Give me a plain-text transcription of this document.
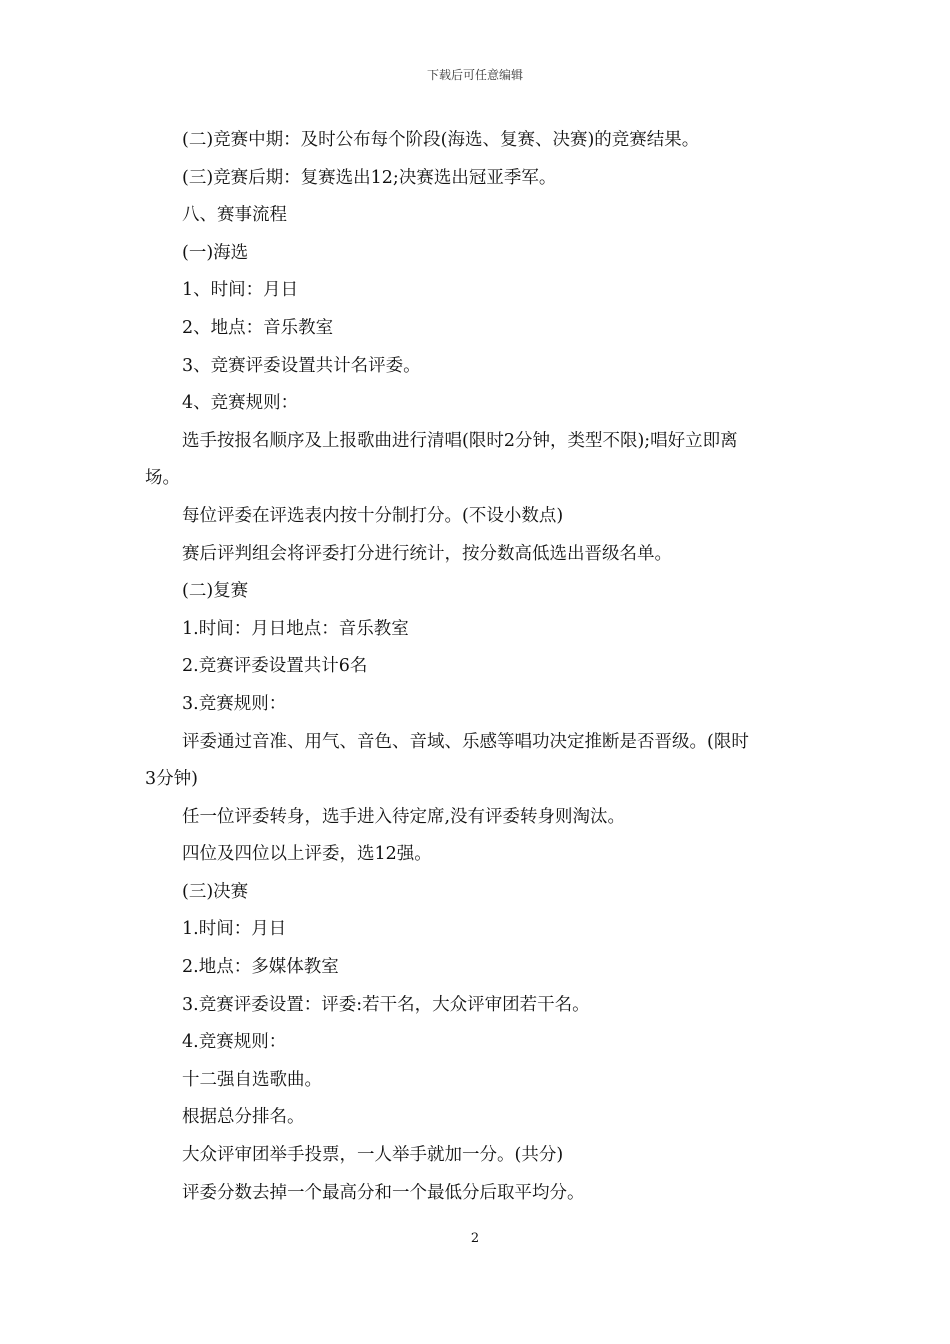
下载后可任意编辑
(二)竞赛中期：及时公布每个阶段(海选、复赛、决赛)的竞赛结果。
(三)竞赛后期：复赛选出12;决赛选出冠亚季军。
八、赛事流程
(一)海选
1、时间：月日
2、地点：音乐教室
3、竞赛评委设置共计名评委。
4、竞赛规则：
选手按报名顺序及上报歌曲进行清唱(限时2分钟，类型不限);唱好立即离
场。
每位评委在评选表内按十分制打分。(不设小数点)
赛后评判组会将评委打分进行统计，按分数高低选出晋级名单。
(二)复赛
1.时间：月日地点：音乐教室
2.竞赛评委设置共计6名
3.竞赛规则：
评委通过音准、用气、音色、音域、乐感等唱功决定推断是否晋级。(限时
3分钟)
任一位评委转身，选手进入待定席,没有评委转身则淘汰。
四位及四位以上评委，选12强。
(三)决赛
1.时间：月日
2.地点：多媒体教室
3.竞赛评委设置：评委:若干名，大众评审团若干名。
4.竞赛规则：
十二强自选歌曲。
根据总分排名。
大众评审团举手投票，一人举手就加一分。(共分)
评委分数去掉一个最高分和一个最低分后取平均分。
2
